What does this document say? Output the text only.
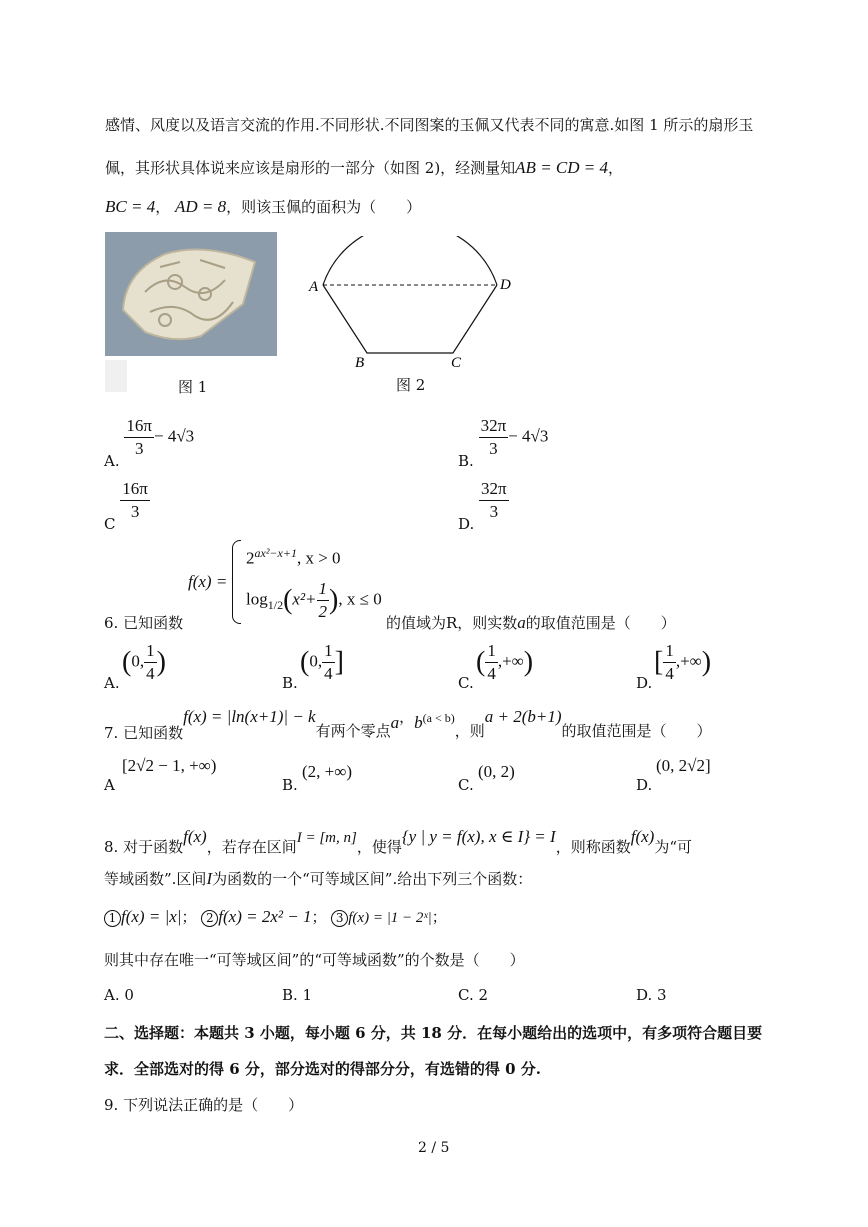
感情、风度以及语言交流的作用.不同形状.不同图案的玉佩又代表不同的寓意.如图 1 所示的扇形玉
佩，其形状具体说来应该是扇形的一部分（如图 2)，经测量知AB = CD = 4，
BC = 4， AD = 8，则该玉佩的面积为（　　）
图 1
A	D
B	C
图 2
A.
$\frac{16\pi}{3} - 4√3$
B.
$\frac{32\pi}{3} - 4√3$
C
$\frac{16\pi}{3}$
D.
$\frac{32\pi}{3}$
6. 已知函数
f(x) =
$2^{ax^2-x+1}$, x > 0
$\log_{1/2}(x^2+ \frac{1}{2}$ ), x ≤ 0
的值域为R，则实数a的取值范围是（　　）
A.
(0, $\frac{1}{4}$ )
B.
(0, $\frac{1}{4}$ ]
C.
( $\frac{1}{4}$ ,+∞)
D.
[ $\frac{1}{4}$ ,+∞)
7. 已知函数f(x) = |ln(x+1)| − k有两个零点a，b(a < b)，则a + 2(b+1)的取值范围是（　　）
A
[2√2 − 1, +∞)
B.
(2, +∞)
C.
(0, 2)
D.
(0, 2√2]
8. 对于函数f(x)，若存在区间I = [m, n]，使得{y | y = f(x), x ∈ I} = I，则称函数f(x)为“可
等域函数”.区间I为函数的一个“可等域区间”.给出下列三个函数：
1 f(x) = |x|； 2 f(x) = 2x² − 1； 3 f(x) = |1 − 2ˣ|；
则其中存在唯一“可等域区间”的“可等域函数”的个数是（　　）
A. 0	B. 1	C. 2	D. 3
二、选择题：本题共 3 小题，每小题 6 分，共 18 分．在每小题给出的选项中，有多项符合题目要
求．全部选对的得 6 分，部分选对的得部分分，有选错的得 0 分.
9. 下列说法正确的是（　　）
2 / 5
